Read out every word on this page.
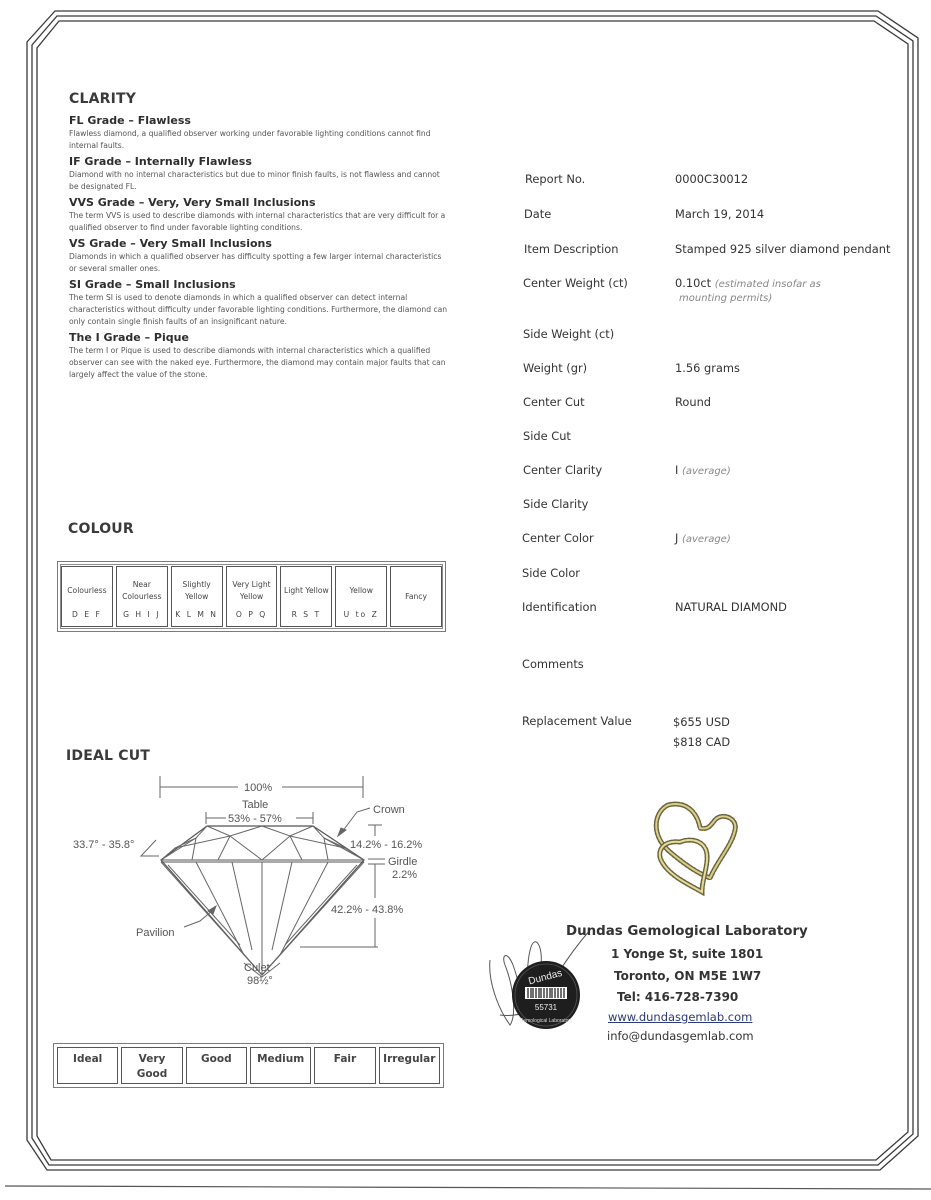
CLARITY

FL Grade – Flawless

Flawless diamond, a qualified observer working under favorable lighting conditions cannot find internal faults.

IF Grade – Internally Flawless

Diamond with no internal characteristics but due to minor finish faults, is not flawless and cannot be designated FL.

VVS Grade – Very, Very Small Inclusions

The term VVS is used to describe diamonds with internal characteristics that are very difficult for a qualified observer to find under favorable lighting conditions.

VS Grade – Very Small Inclusions

Diamonds in which a qualified observer has difficulty spotting a few larger internal characteristics or several smaller ones.

SI Grade – Small Inclusions

The term SI is used to denote diamonds in which a qualified observer can detect internal characteristics without difficulty under favorable lighting conditions. Furthermore, the diamond can only contain single finish faults of an insignificant nature.

The I Grade – Pique

The term I or Pique is used to describe diamonds with internal characteristics which a qualified observer can see with the naked eye. Furthermore, the diamond may contain major faults that can largely affect the value of the stone.

COLOUR
Colourless
D E F
Near Colourless
G H I J
Slightly Yellow
K L M N
Very Light Yellow
O P Q
Light Yellow
R S T
Yellow
U to Z
Fancy
IDEAL CUT
100%
Table
53% - 57%
Crown
33.7° - 35.8°	14.2% - 16.2%
Girdle
2.2%
42.2% - 43.8%
Pavilion
Culet
98½°
Ideal	Very Good
Good	Medium	Fair	Irregular
Report No.	0000C30012
Date	March 19, 2014
Item Description	Stamped 925 silver diamond pendant
Center Weight (ct)	0.10ct (estimated insofar as
mounting permits)
Side Weight (ct)
Weight (gr)	1.56 grams
Center Cut	Round
Side Cut
Center Clarity	I (average)
Side Clarity
Center Color	J (average)
Side Color
Identification	NATURAL DIAMOND
Comments
Replacement Value	$655 USD
$818 CAD
Dundas
55731
Gemological Laboratory
Dundas Gemological Laboratory
1 Yonge St, suite 1801
Toronto, ON M5E 1W7
Tel: 416-728-7390
www.dundasgemlab.com
info@dundasgemlab.com
